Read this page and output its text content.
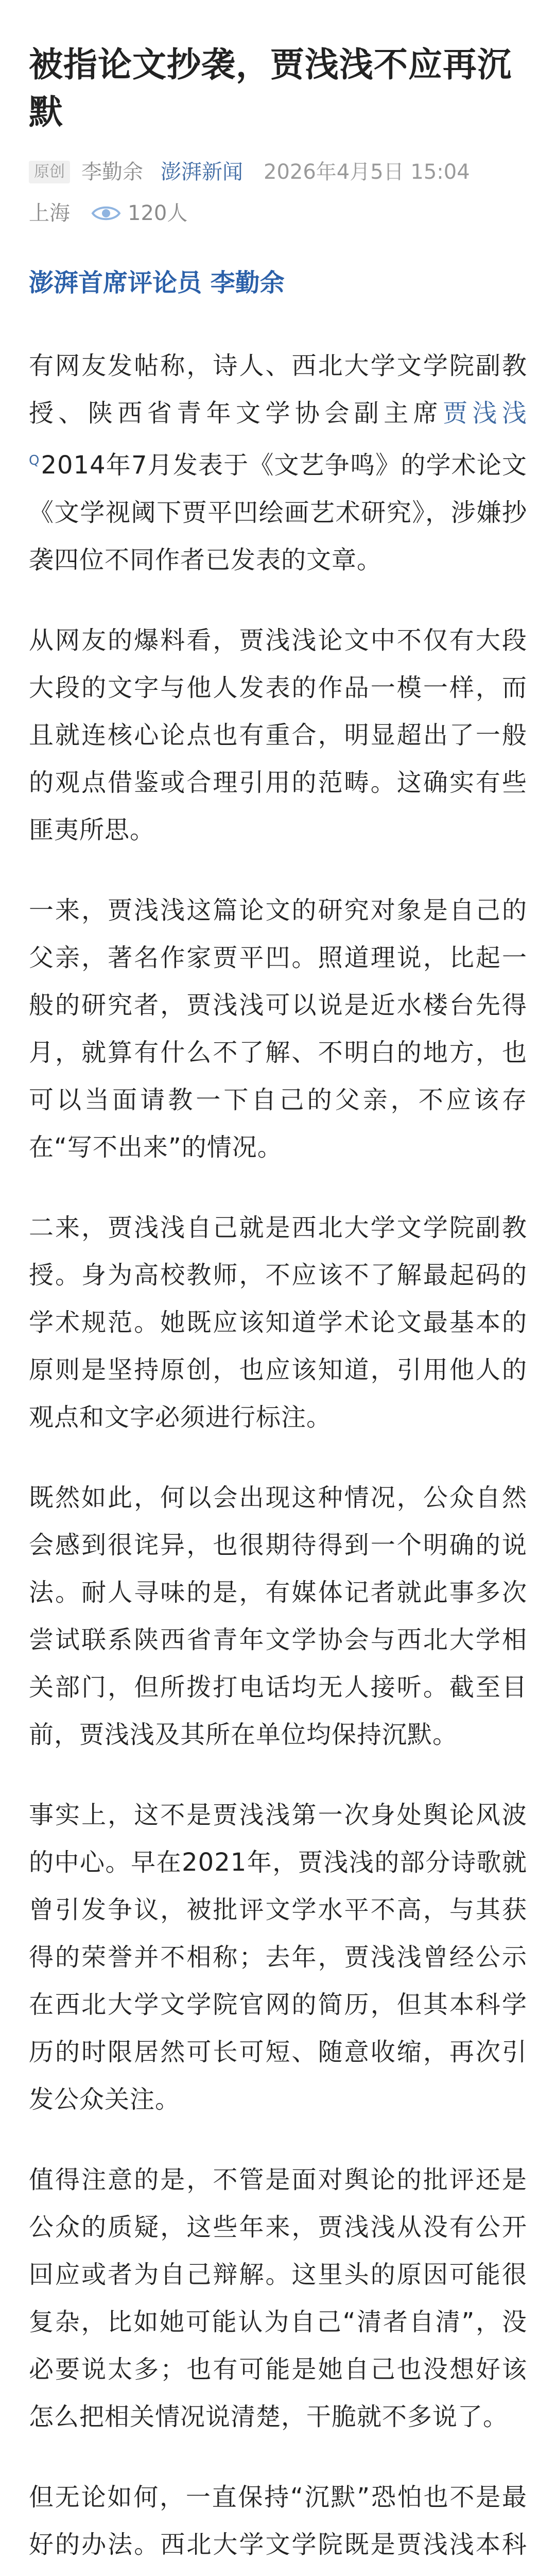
被指论文抄袭，贾浅浅不应再沉默
原创 李勤余 澎湃新闻 2026年4月5日 15:04
上海	120人
澎湃首席评论员 李勤余

有网友发帖称，诗人、西北大学文学院副教授、陕西省青年文学协会副主席贾浅浅$^Q$2014年7月发表于《文艺争鸣》的学术论文《文学视阈下贾平凹绘画艺术研究》，涉嫌抄袭四位不同作者已发表的文章。

从网友的爆料看，贾浅浅论文中不仅有大段大段的文字与他人发表的作品一模一样，而且就连核心论点也有重合，明显超出了一般的观点借鉴或合理引用的范畴。这确实有些匪夷所思。

一来，贾浅浅这篇论文的研究对象是自己的父亲，著名作家贾平凹。照道理说，比起一般的研究者，贾浅浅可以说是近水楼台先得月，就算有什么不了解、不明白的地方，也可以当面请教一下自己的父亲，不应该存在“写不出来”的情况。

二来，贾浅浅自己就是西北大学文学院副教授。身为高校教师，不应该不了解最起码的学术规范。她既应该知道学术论文最基本的原则是坚持原创，也应该知道，引用他人的观点和文字必须进行标注。

既然如此，何以会出现这种情况，公众自然会感到很诧异，也很期待得到一个明确的说法。耐人寻味的是，有媒体记者就此事多次尝试联系陕西省青年文学协会与西北大学相关部门，但所拨打电话均无人接听。截至目前，贾浅浅及其所在单位均保持沉默。

事实上，这不是贾浅浅第一次身处舆论风波的中心。早在2021年，贾浅浅的部分诗歌就曾引发争议，被批评文学水平不高，与其获得的荣誉并不相称；去年，贾浅浅曾经公示在西北大学文学院官网的简历，但其本科学历的时限居然可长可短、随意收缩，再次引发公众关注。

值得注意的是，不管是面对舆论的批评还是公众的质疑，这些年来，贾浅浅从没有公开回应或者为自己辩解。这里头的原因可能很复杂，比如她可能认为自己“清者自清”，没必要说太多；也有可能是她自己也没想好该怎么把相关情况说清楚，干脆就不多说了。

但无论如何，一直保持“沉默”恐怕也不是最好的办法。西北大学文学院既是贾浅浅本科
